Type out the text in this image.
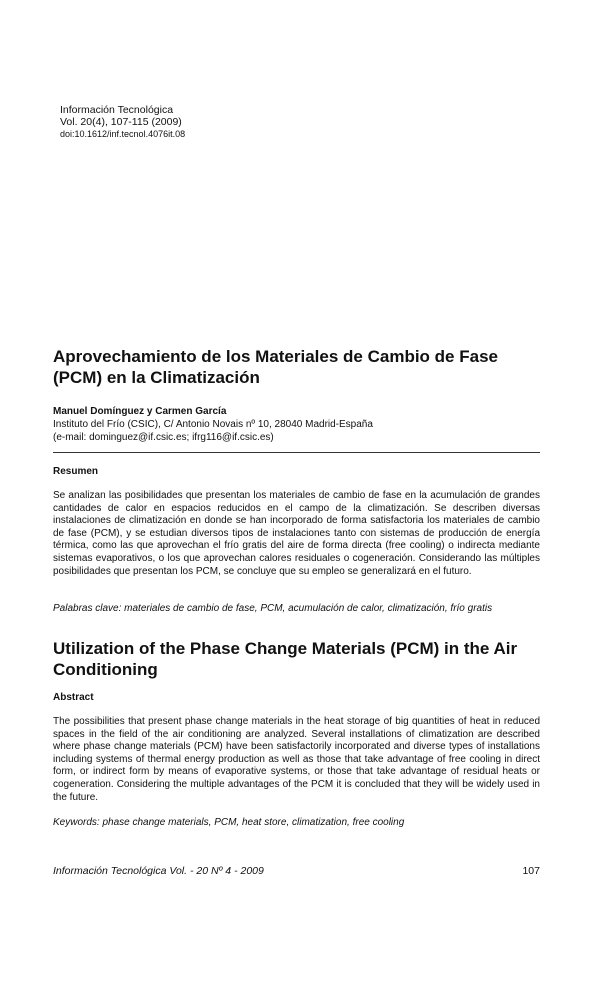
Información Tecnológica
Vol. 20(4), 107-115 (2009)
doi:10.1612/inf.tecnol.4076it.08
Aprovechamiento de los Materiales de Cambio de Fase (PCM) en la Climatización
Manuel Domínguez y Carmen García
Instituto del Frío (CSIC), C/ Antonio Novais nº 10, 28040 Madrid-España
(e-mail: dominguez@if.csic.es; ifrg116@if.csic.es)
Resumen
Se analizan las posibilidades que presentan los materiales de cambio de fase en la acumulación de grandes cantidades de calor en espacios reducidos en el campo de la climatización. Se describen diversas instalaciones de climatización en donde se han incorporado de forma satisfactoria los materiales de cambio de fase (PCM), y se estudian diversos tipos de instalaciones tanto con sistemas de producción de energía térmica, como las que aprovechan el frío gratis del aire de forma directa (free cooling) o indirecta mediante sistemas evaporativos, o los que aprovechan calores residuales o cogeneración. Considerando las múltiples posibilidades que presentan los PCM, se concluye que su empleo se generalizará en el futuro.
Palabras clave: materiales de cambio de fase, PCM, acumulación de calor, climatización, frío gratis
Utilization of the Phase Change Materials (PCM) in the Air Conditioning
Abstract
The possibilities that present phase change materials in the heat storage of big quantities of heat in reduced spaces in the field of the air conditioning are analyzed. Several installations of climatization are described where phase change materials (PCM) have been satisfactorily incorporated and diverse types of installations including systems of thermal energy production as well as those that take advantage of free cooling in direct form, or indirect form by means of evaporative systems, or those that take advantage of residual heats or cogeneration. Considering the multiple advantages of the PCM it is concluded that they will be widely used in the future.
Keywords: phase change materials, PCM, heat store, climatization, free cooling
Información Tecnológica Vol. - 20 Nº 4 - 2009	107
